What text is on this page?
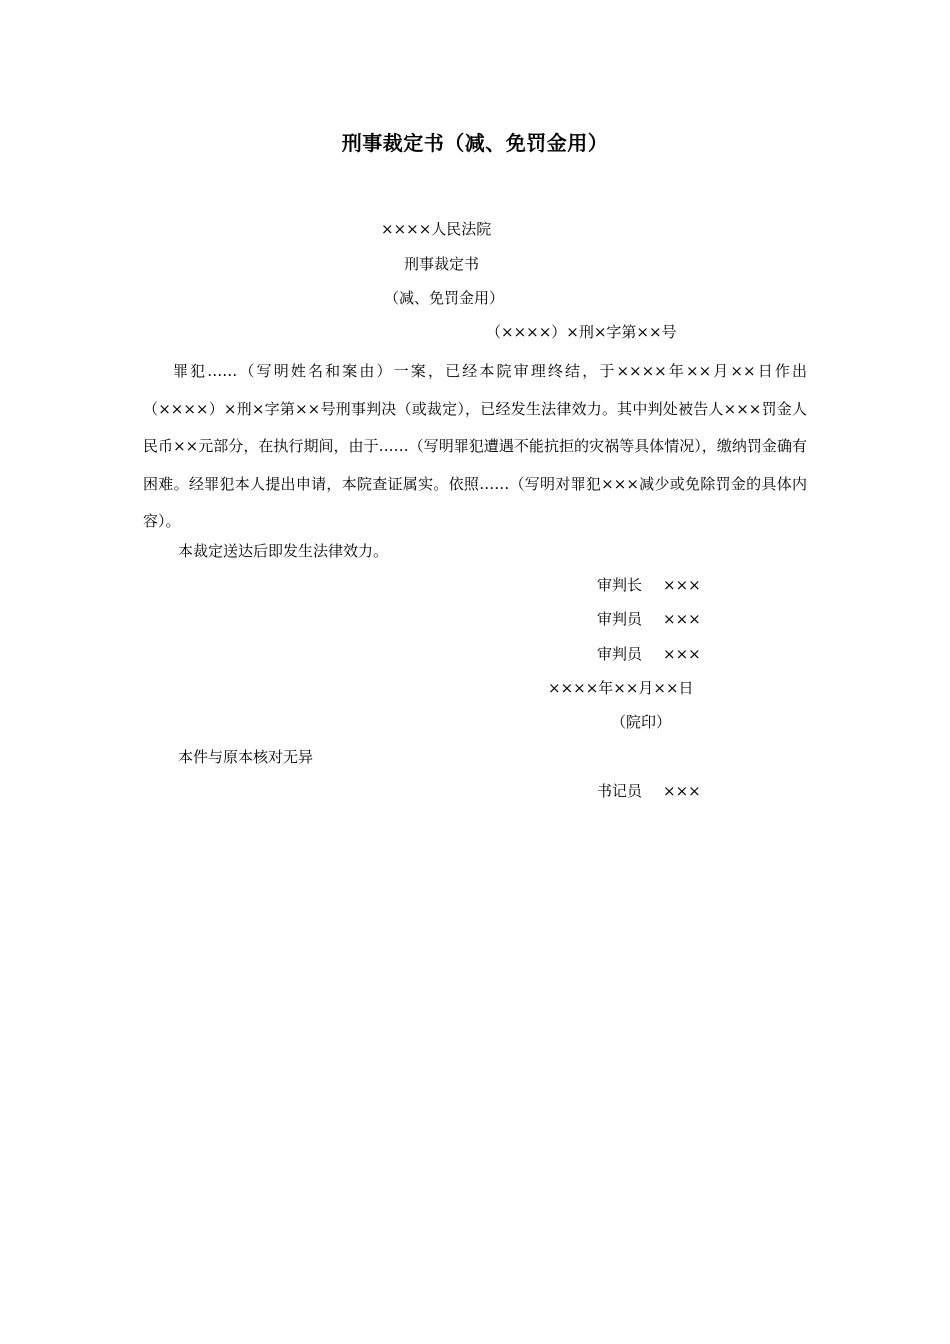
刑事裁定书（减、免罚金用）
××××人民法院
刑事裁定书
（减、免罚金用）
（××××）×刑×字第××号

罪犯……（写明姓名和案由）一案，已经本院审理终结，于××××年××月××日作出（××××）×刑×字第××号刑事判决（或裁定），已经发生法律效力。其中判处被告人×××罚金人民币××元部分，在执行期间，由于……（写明罪犯遭遇不能抗拒的灾祸等具体情况），缴纳罚金确有困难。经罪犯本人提出申请，本院查证属实。依照……（写明对罪犯×××减少或免除罚金的具体内容）。

本裁定送达后即发生法律效力。
审判长 ×××
审判员 ×××
审判员 ×××
××××年××月××日
（院印）
本件与原本核对无异
书记员 ×××
